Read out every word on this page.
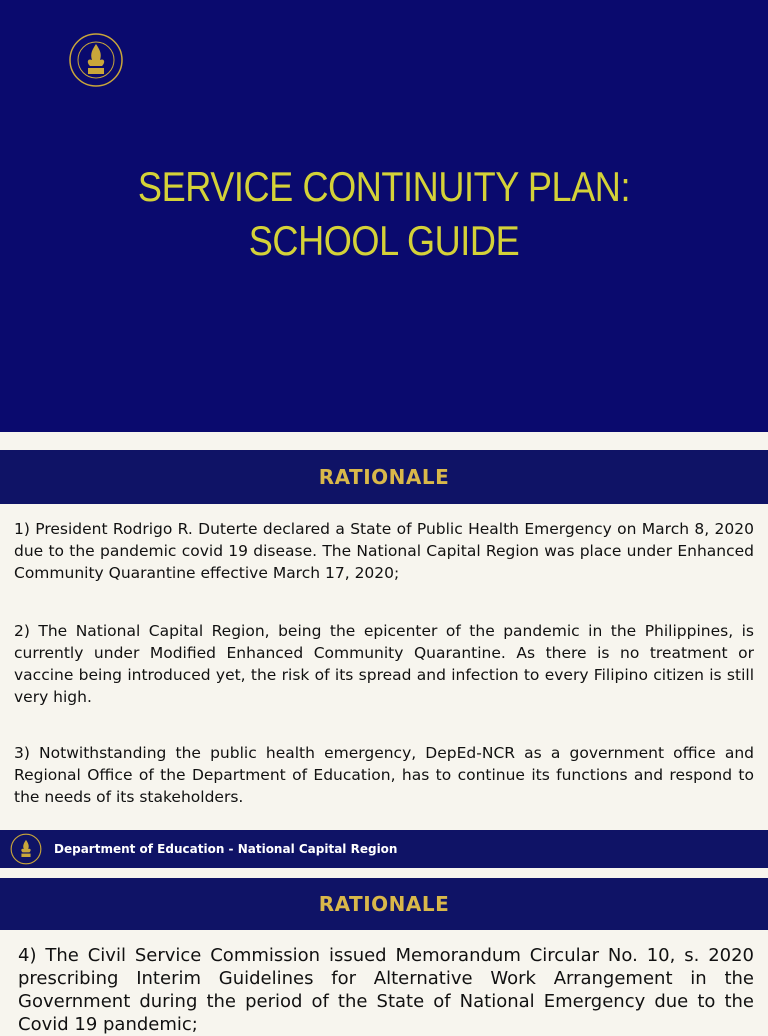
SERVICE CONTINUITY PLAN:
SCHOOL GUIDE
RATIONALE

1) President Rodrigo R. Duterte declared a State of Public Health Emergency on March 8, 2020 due to the pandemic covid 19 disease. The National Capital Region was place under Enhanced Community Quarantine effective March 17, 2020;

2) The National Capital Region, being the epicenter of the pandemic in the Philippines, is currently under Modified Enhanced Community Quarantine. As there is no treatment or vaccine being introduced yet, the risk of its spread and infection to every Filipino citizen is still very high.

3) Notwithstanding the public health emergency, DepEd-NCR as a government office and Regional Office of the Department of Education, has to continue its functions and respond to the needs of its stakeholders.

Department of Education - National Capital Region
RATIONALE

4) The Civil Service Commission issued Memorandum Circular No. 10, s. 2020 prescribing Interim Guidelines for Alternative Work Arrangement in the Government during the period of the State of National Emergency due to the Covid 19 pandemic;
